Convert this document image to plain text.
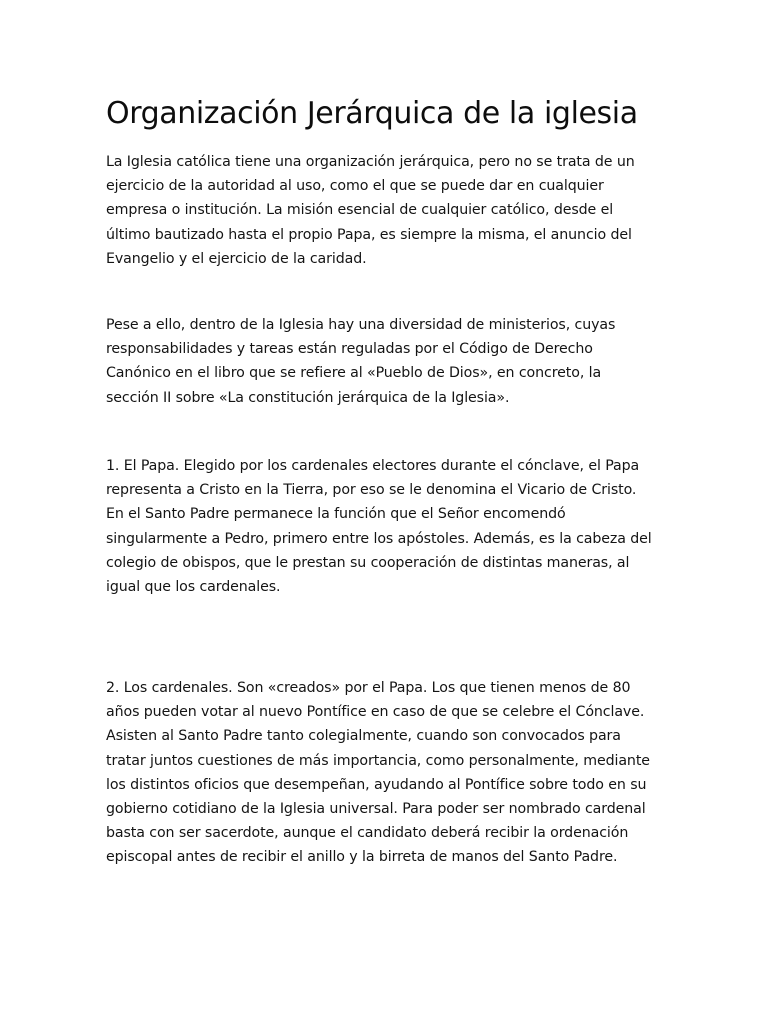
Organización Jerárquica de la iglesia
La Iglesia católica tiene una organización jerárquica, pero no se trata de un
ejercicio de la autoridad al uso, como el que se puede dar en cualquier
empresa o institución. La misión esencial de cualquier católico, desde el
último bautizado hasta el propio Papa, es siempre la misma, el anuncio del
Evangelio y el ejercicio de la caridad.
Pese a ello, dentro de la Iglesia hay una diversidad de ministerios, cuyas
responsabilidades y tareas están reguladas por el Código de Derecho
Canónico en el libro que se refiere al «Pueblo de Dios», en concreto, la
sección II sobre «La constitución jerárquica de la Iglesia».
1. El Papa. Elegido por los cardenales electores durante el cónclave, el Papa
representa a Cristo en la Tierra, por eso se le denomina el Vicario de Cristo.
En el Santo Padre permanece la función que el Señor encomendó
singularmente a Pedro, primero entre los apóstoles. Además, es la cabeza del
colegio de obispos, que le prestan su cooperación de distintas maneras, al
igual que los cardenales.
2. Los cardenales. Son «creados» por el Papa. Los que tienen menos de 80
años pueden votar al nuevo Pontífice en caso de que se celebre el Cónclave.
Asisten al Santo Padre tanto colegialmente, cuando son convocados para
tratar juntos cuestiones de más importancia, como personalmente, mediante
los distintos oficios que desempeñan, ayudando al Pontífice sobre todo en su
gobierno cotidiano de la Iglesia universal. Para poder ser nombrado cardenal
basta con ser sacerdote, aunque el candidato deberá recibir la ordenación
episcopal antes de recibir el anillo y la birreta de manos del Santo Padre.
